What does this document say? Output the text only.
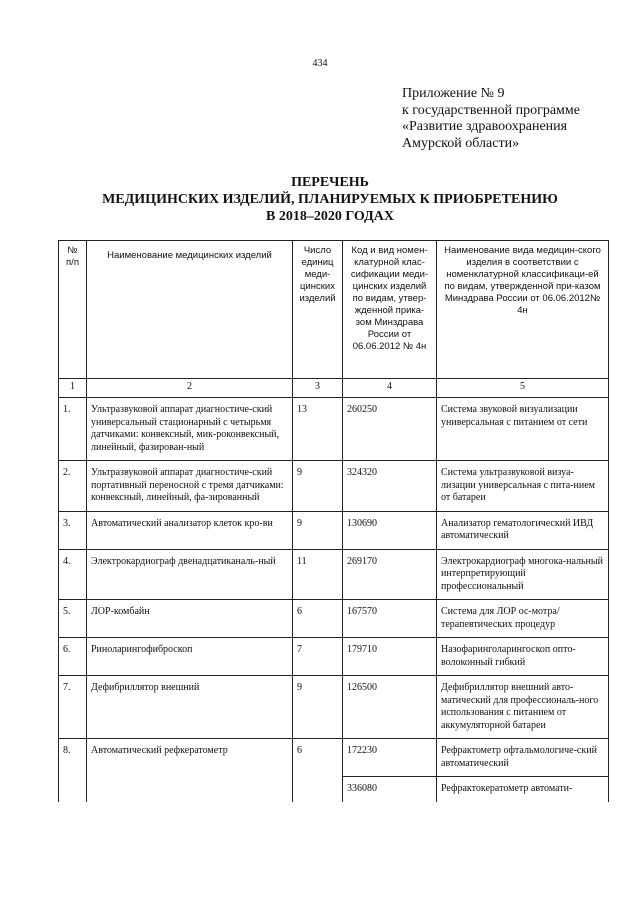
434
Приложение № 9
к государственной программе
«Развитие здравоохранения
Амурской области»
ПЕРЕЧЕНЬ
МЕДИЦИНСКИХ ИЗДЕЛИЙ, ПЛАНИРУЕМЫХ К ПРИОБРЕТЕНИЮ
В 2018–2020 ГОДАХ
№ п/п	Наименование медицинских изделий	Число единиц меди-цинских изделий	Код и вид номен-клатурной клас-сификации меди-цинских изделий по видам, утвер-жденной прика-зом Минздрава России от 06.06.2012 № 4н	Наименование вида медицин-ского изделия в соответствии с номенклатурной классификаци-ей по видам, утвержденной при-казом Минздрава России от 06.06.2012№ 4н
1	2	3	4	5
1.	Ультразвуковой аппарат диагностиче-ский универсальный стационарный с четырьмя датчиками: конвексный, мик-роконвексный, линейный, фазирован-ный	13	260250	Система звуковой визуализации универсальная с питанием от сети
2.	Ультразвуковой аппарат диагностиче-ский портативный переносной с тремя датчиками: конвексный, линейный, фа-зированный	9	324320	Система ультразвуковой визуа-лизации универсальная с пита-нием от батареи
3.	Автоматический анализатор клеток кро-ви	9	130690	Анализатор гематологический ИВД автоматический
4.	Электрокардиограф двенадцатиканаль-ный	11	269170	Электрокардиограф многока-нальный интерпретирующий профессиональный
5.	ЛОР-комбайн	6	167570	Система для ЛОР ос-мотра/терапевтических процедур
6.	Риноларингофиброскоп	7	179710	Назофаринголарингоскоп опто-волоконный гибкий
7.	Дефибриллятор внешний	9	126500	Дефибриллятор внешний авто-матический для профессиональ-ного использования с питанием от аккумуляторной батареи
8.	Автоматический рефкератометр	6	172230	Рефрактометр офтальмологиче-ский автоматический
			336080	Рефрактокератометр автомати-
